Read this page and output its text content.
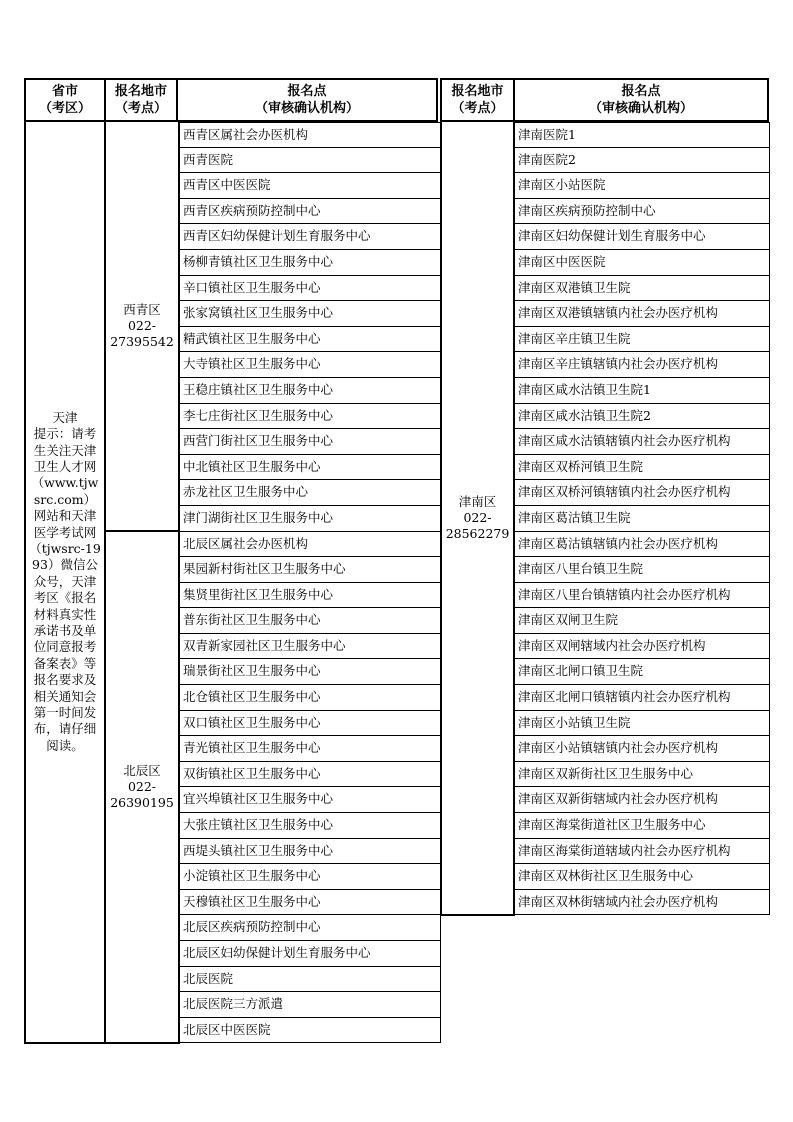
省市
（考区）
报名地市
（考点）
报名点
（审核确认机构）
报名地市
（考点）
报名点
（审核确认机构）
天津
提示：请考生关注天津卫生人才网（www.tjwsrc.com）网站和天津医学考试网（tjwsrc-1993）微信公众号，天津考区《报名材料真实性承诺书及单位同意报考备案表》等报名要求及相关通知会第一时间发布，请仔细阅读。
西青区
022-
27395542
北辰区
022-
26390195
西青区属社会办医机构
西青医院
西青区中医医院
西青区疾病预防控制中心
西青区妇幼保健计划生育服务中心
杨柳青镇社区卫生服务中心
辛口镇社区卫生服务中心
张家窝镇社区卫生服务中心
精武镇社区卫生服务中心
大寺镇社区卫生服务中心
王稳庄镇社区卫生服务中心
李七庄街社区卫生服务中心
西营门街社区卫生服务中心
中北镇社区卫生服务中心
赤龙社区卫生服务中心
津门湖街社区卫生服务中心
北辰区属社会办医机构
果园新村街社区卫生服务中心
集贤里街社区卫生服务中心
普东街社区卫生服务中心
双青新家园社区卫生服务中心
瑞景街社区卫生服务中心
北仓镇社区卫生服务中心
双口镇社区卫生服务中心
青光镇社区卫生服务中心
双街镇社区卫生服务中心
宜兴埠镇社区卫生服务中心
大张庄镇社区卫生服务中心
西堤头镇社区卫生服务中心
小淀镇社区卫生服务中心
天穆镇社区卫生服务中心
北辰区疾病预防控制中心
北辰区妇幼保健计划生育服务中心
北辰医院
北辰医院三方派遣
北辰区中医医院
津南区
022-
28562279
津南医院1
津南医院2
津南区小站医院
津南区疾病预防控制中心
津南区妇幼保健计划生育服务中心
津南区中医医院
津南区双港镇卫生院
津南区双港镇辖镇内社会办医疗机构
津南区辛庄镇卫生院
津南区辛庄镇辖镇内社会办医疗机构
津南区咸水沽镇卫生院1
津南区咸水沽镇卫生院2
津南区咸水沽镇辖镇内社会办医疗机构
津南区双桥河镇卫生院
津南区双桥河镇辖镇内社会办医疗机构
津南区葛沽镇卫生院
津南区葛沽镇辖镇内社会办医疗机构
津南区八里台镇卫生院
津南区八里台镇辖镇内社会办医疗机构
津南区双闸卫生院
津南区双闸辖域内社会办医疗机构
津南区北闸口镇卫生院
津南区北闸口镇辖镇内社会办医疗机构
津南区小站镇卫生院
津南区小站镇辖镇内社会办医疗机构
津南区双新街社区卫生服务中心
津南区双新街辖域内社会办医疗机构
津南区海棠街道社区卫生服务中心
津南区海棠街道辖域内社会办医疗机构
津南区双林街社区卫生服务中心
津南区双林街辖域内社会办医疗机构
